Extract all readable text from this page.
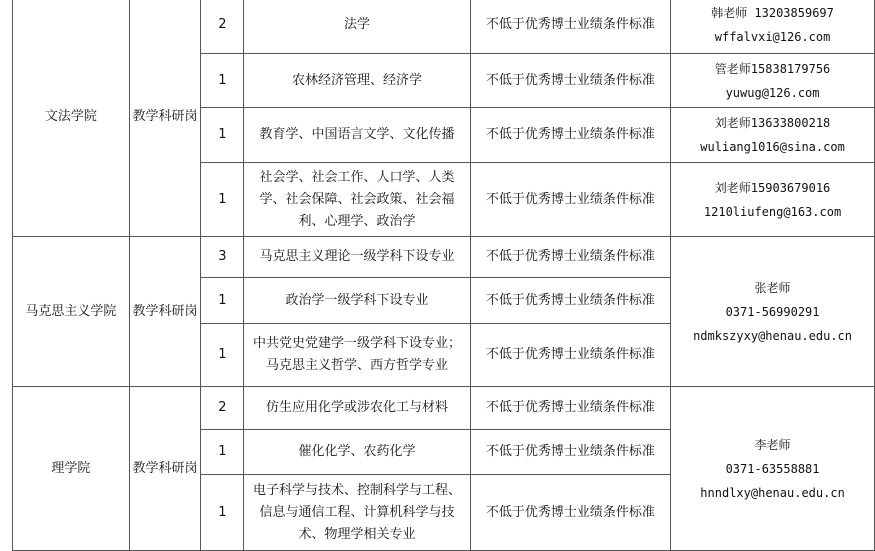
文法学院	教学科研岗	2	法学	不低于优秀博士业绩条件标准	韩老师 13203859697
wffalvxi@126.com

		1	农林经济管理、经济学	不低于优秀博士业绩条件标准	管老师15838179756
yuwug@126.com

		1	教育学、中国语言文学、文化传播	不低于优秀博士业绩条件标准	刘老师13633800218
wuliang1016@sina.com

		1	社会学、社会工作、人口学、人类
学、社会保障、社会政策、社会福
利、心理学、政治学	不低于优秀博士业绩条件标准	刘老师15903679016
1210liufeng@163.com

马克思主义学院	教学科研岗	3	马克思主义理论一级学科下设专业	不低于优秀博士业绩条件标准	张老师
0371-56990291
ndmkszyxy@henau.edu.cn

		1	政治学一级学科下设专业	不低于优秀博士业绩条件标准	
		1	中共党史党建学一级学科下设专业；
马克思主义哲学、西方哲学专业	不低于优秀博士业绩条件标准	
理学院	教学科研岗	2	仿生应用化学或涉农化工与材料	不低于优秀博士业绩条件标准	李老师
0371-63558881
hnndlxy@henau.edu.cn

		1	催化化学、农药化学	不低于优秀博士业绩条件标准	
		1	电子科学与技术、控制科学与工程、
信息与通信工程、计算机科学与技
术、物理学相关专业	不低于优秀博士业绩条件标准	
